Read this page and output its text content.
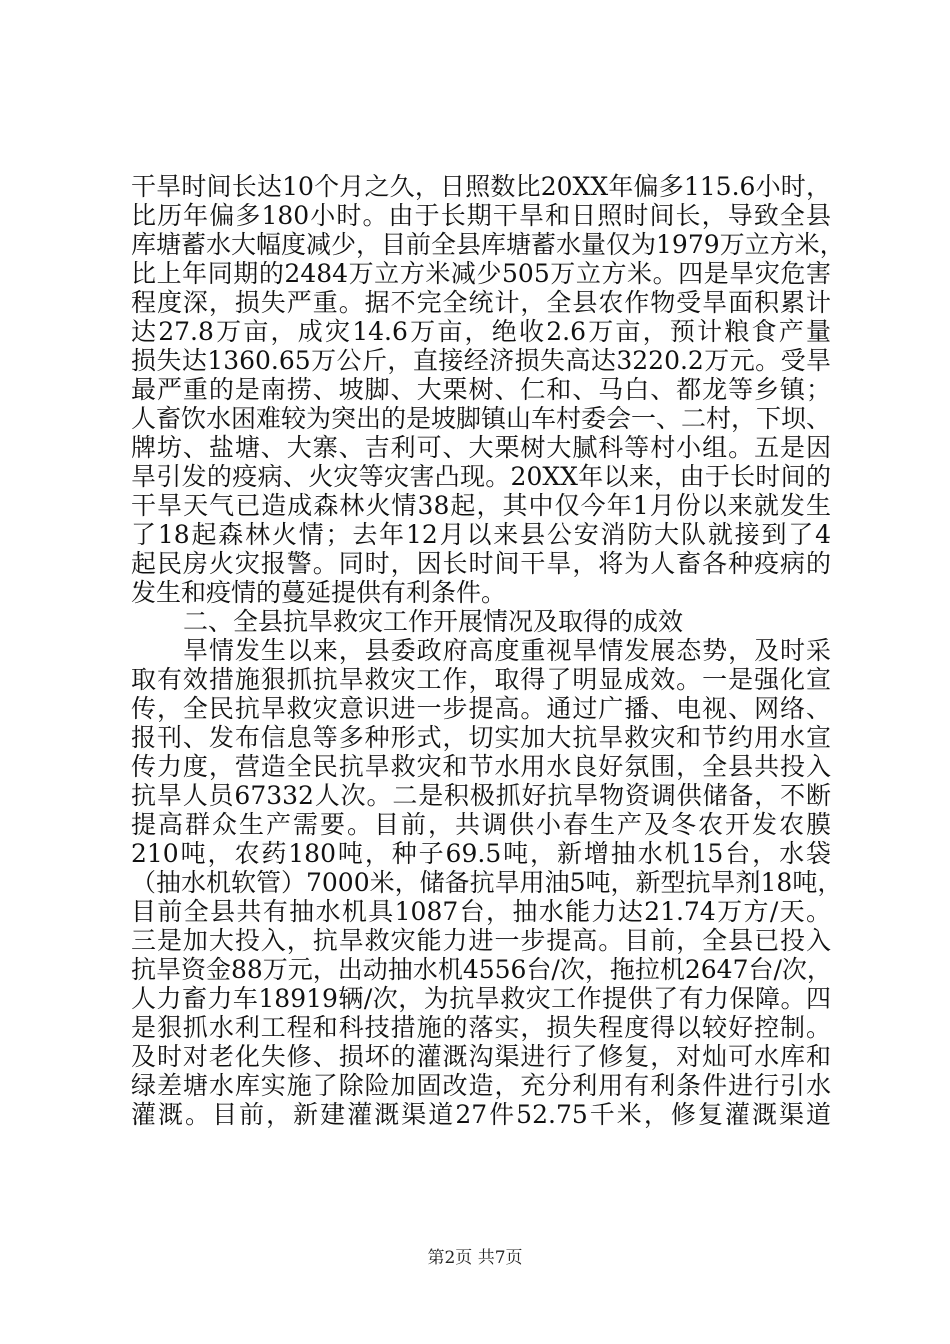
干旱时间长达10个月之久，日照数比20XX年偏多115.6小时，
比历年偏多180小时。由于长期干旱和日照时间长，导致全县
库塘蓄水大幅度减少，目前全县库塘蓄水量仅为1979万立方米，
比上年同期的2484万立方米减少505万立方米。四是旱灾危害
程度深，损失严重。据不完全统计，全县农作物受旱面积累计
达27.8万亩，成灾14.6万亩，绝收2.6万亩，预计粮食产量
损失达1360.65万公斤，直接经济损失高达3220.2万元。受旱
最严重的是南捞、坡脚、大栗树、仁和、马白、都龙等乡镇；
人畜饮水困难较为突出的是坡脚镇山车村委会一、二村，下坝、
牌坊、盐塘、大寨、吉利可、大栗树大腻科等村小组。五是因
旱引发的疫病、火灾等灾害凸现。20XX年以来，由于长时间的
干旱天气已造成森林火情38起，其中仅今年1月份以来就发生
了18起森林火情；去年12月以来县公安消防大队就接到了4
起民房火灾报警。同时，因长时间干旱，将为人畜各种疫病的
发生和疫情的蔓延提供有利条件。
二、全县抗旱救灾工作开展情况及取得的成效
旱情发生以来，县委政府高度重视旱情发展态势，及时采
取有效措施狠抓抗旱救灾工作，取得了明显成效。一是强化宣
传，全民抗旱救灾意识进一步提高。通过广播、电视、网络、
报刊、发布信息等多种形式，切实加大抗旱救灾和节约用水宣
传力度，营造全民抗旱救灾和节水用水良好氛围，全县共投入
抗旱人员67332人次。二是积极抓好抗旱物资调供储备，不断
提高群众生产需要。目前，共调供小春生产及冬农开发农膜
210吨，农药180吨，种子69.5吨，新增抽水机15台，水袋
（抽水机软管）7000米，储备抗旱用油5吨，新型抗旱剂18吨，
目前全县共有抽水机具1087台，抽水能力达21.74万方/天。
三是加大投入，抗旱救灾能力进一步提高。目前，全县已投入
抗旱资金88万元，出动抽水机4556台/次，拖拉机2647台/次，
人力畜力车18919辆/次，为抗旱救灾工作提供了有力保障。四
是狠抓水利工程和科技措施的落实，损失程度得以较好控制。
及时对老化失修、损坏的灌溉沟渠进行了修复，对灿可水库和
绿差塘水库实施了除险加固改造，充分利用有利条件进行引水
灌溉。目前，新建灌溉渠道27件52.75千米，修复灌溉渠道
第2页 共7页
